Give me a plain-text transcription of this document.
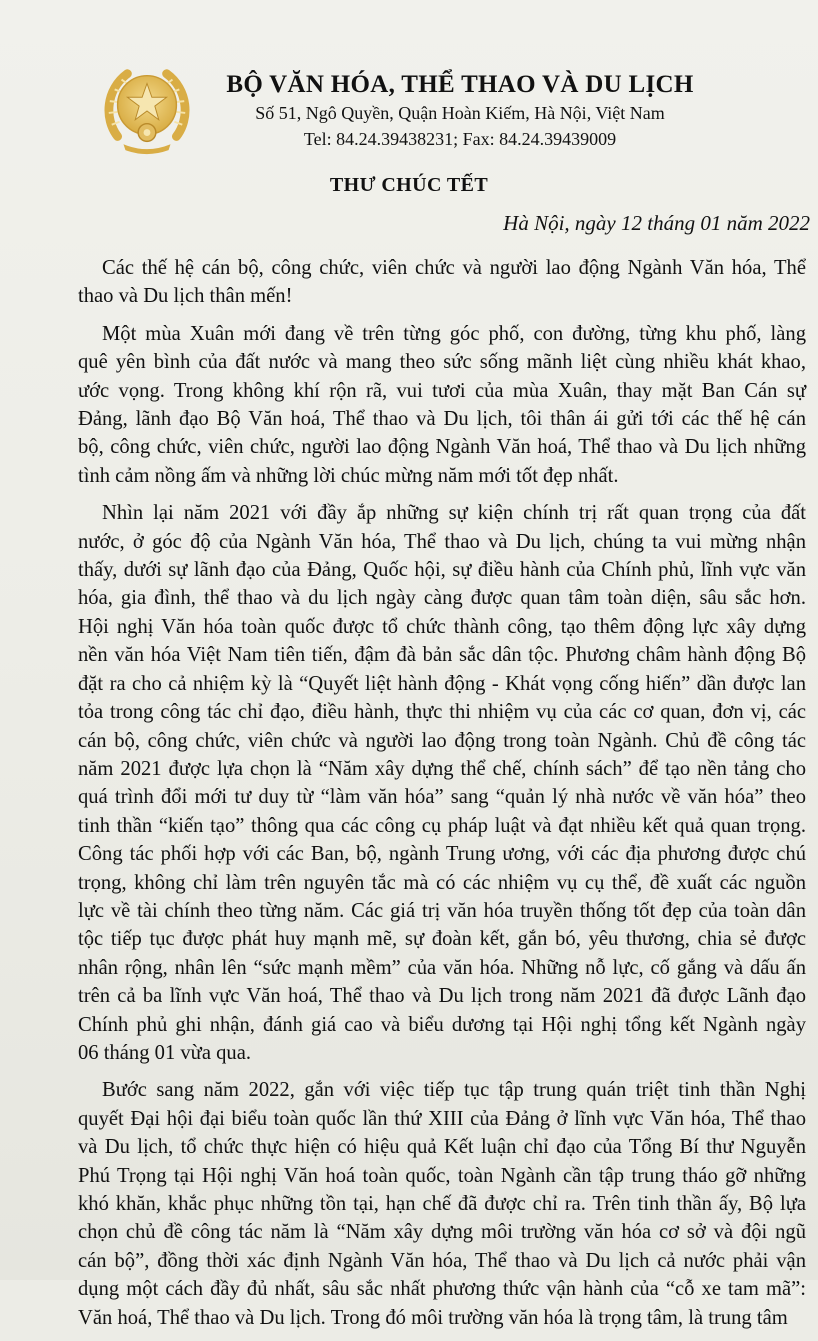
BỘ VĂN HÓA, THỂ THAO VÀ DU LỊCH
Số 51, Ngô Quyền, Quận Hoàn Kiếm, Hà Nội, Việt Nam
Tel: 84.24.39438231; Fax: 84.24.39439009
THƯ CHÚC TẾT
Hà Nội, ngày 12 tháng 01 năm 2022
Các thế hệ cán bộ, công chức, viên chức và người lao động Ngành Văn hóa, Thể
thao và Du lịch thân mến!
Một mùa Xuân mới đang về trên từng góc phố, con đường, từng khu phố, làng
quê yên bình của đất nước và mang theo sức sống mãnh liệt cùng nhiều khát khao,
ước vọng. Trong không khí rộn rã, vui tươi của mùa Xuân, thay mặt Ban Cán sự
Đảng, lãnh đạo Bộ Văn hoá, Thể thao và Du lịch, tôi thân ái gửi tới các thế hệ cán
bộ, công chức, viên chức, người lao động Ngành Văn hoá, Thể thao và Du lịch những
tình cảm nồng ấm và những lời chúc mừng năm mới tốt đẹp nhất.
Nhìn lại năm 2021 với đầy ắp những sự kiện chính trị rất quan trọng của đất
nước, ở góc độ của Ngành Văn hóa, Thể thao và Du lịch, chúng ta vui mừng nhận
thấy, dưới sự lãnh đạo của Đảng, Quốc hội, sự điều hành của Chính phủ, lĩnh vực văn
hóa, gia đình, thể thao và du lịch ngày càng được quan tâm toàn diện, sâu sắc hơn.
Hội nghị Văn hóa toàn quốc được tổ chức thành công, tạo thêm động lực xây dựng
nền văn hóa Việt Nam tiên tiến, đậm đà bản sắc dân tộc. Phương châm hành động Bộ
đặt ra cho cả nhiệm kỳ là “Quyết liệt hành động - Khát vọng cống hiến” dần được lan
tỏa trong công tác chỉ đạo, điều hành, thực thi nhiệm vụ của các cơ quan, đơn vị, các
cán bộ, công chức, viên chức và người lao động trong toàn Ngành. Chủ đề công tác
năm 2021 được lựa chọn là “Năm xây dựng thể chế, chính sách” để tạo nền tảng cho
quá trình đổi mới tư duy từ “làm văn hóa” sang “quản lý nhà nước về văn hóa” theo
tinh thần “kiến tạo” thông qua các công cụ pháp luật và đạt nhiều kết quả quan trọng.
Công tác phối hợp với các Ban, bộ, ngành Trung ương, với các địa phương được chú
trọng, không chỉ làm trên nguyên tắc mà có các nhiệm vụ cụ thể, đề xuất các nguồn
lực về tài chính theo từng năm. Các giá trị văn hóa truyền thống tốt đẹp của toàn dân
tộc tiếp tục được phát huy mạnh mẽ, sự đoàn kết, gắn bó, yêu thương, chia sẻ được
nhân rộng, nhân lên “sức mạnh mềm” của văn hóa. Những nỗ lực, cố gắng và dấu ấn
trên cả ba lĩnh vực Văn hoá, Thể thao và Du lịch trong năm 2021 đã được Lãnh đạo
Chính phủ ghi nhận, đánh giá cao và biểu dương tại Hội nghị tổng kết Ngành ngày
06 tháng 01 vừa qua.
Bước sang năm 2022, gắn với việc tiếp tục tập trung quán triệt tinh thần Nghị
quyết Đại hội đại biểu toàn quốc lần thứ XIII của Đảng ở lĩnh vực Văn hóa, Thể thao
và Du lịch, tổ chức thực hiện có hiệu quả Kết luận chỉ đạo của Tổng Bí thư Nguyễn
Phú Trọng tại Hội nghị Văn hoá toàn quốc, toàn Ngành cần tập trung tháo gỡ những
khó khăn, khắc phục những tồn tại, hạn chế đã được chỉ ra. Trên tinh thần ấy, Bộ lựa
chọn chủ đề công tác năm là “Năm xây dựng môi trường văn hóa cơ sở và đội ngũ
cán bộ”, đồng thời xác định Ngành Văn hóa, Thể thao và Du lịch cả nước phải vận
dụng một cách đầy đủ nhất, sâu sắc nhất phương thức vận hành của “cỗ xe tam mã”:
Văn hoá, Thể thao và Du lịch. Trong đó môi trường văn hóa là trọng tâm, là trung tâm
